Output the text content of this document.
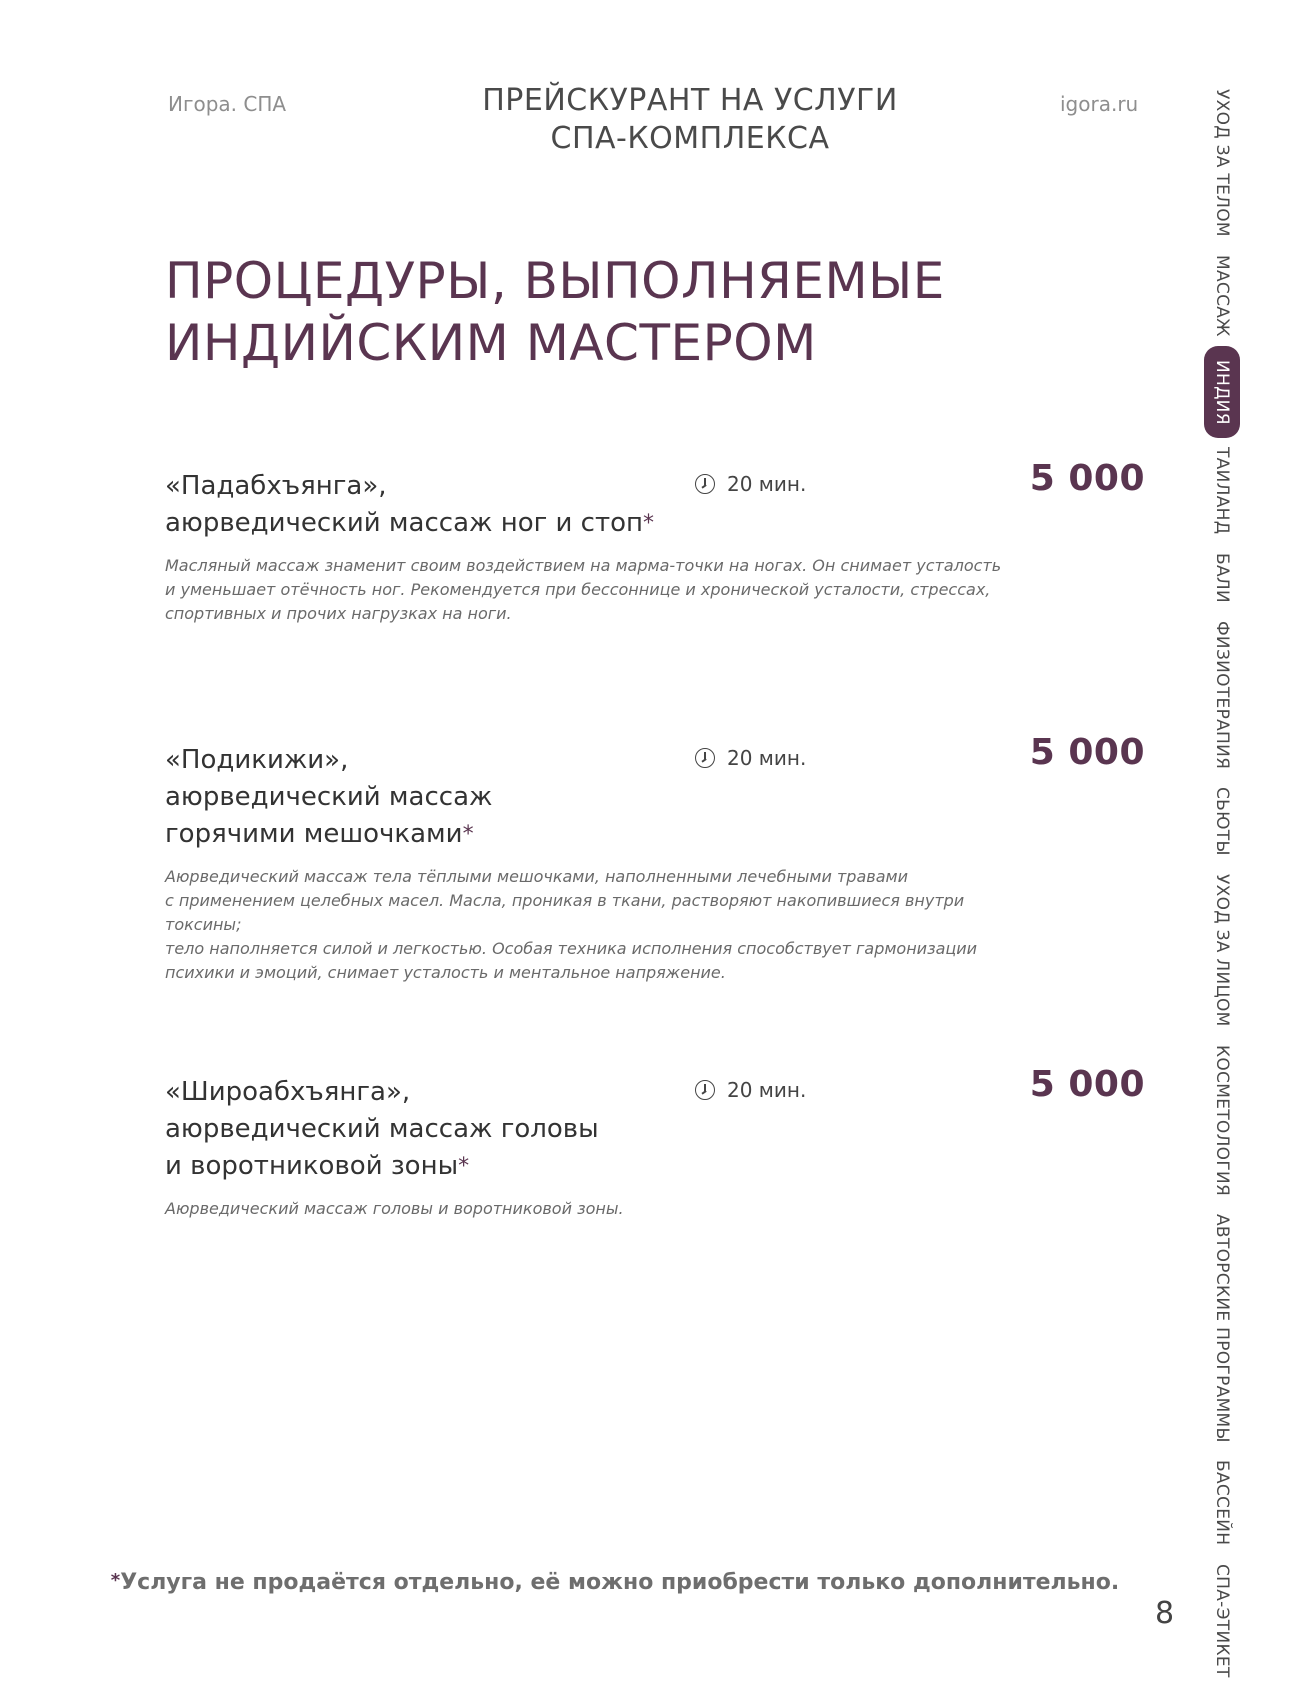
Игора. СПА	ПРЕЙСКУРАНТ НА УСЛУГИ
СПА-КОМПЛЕКСА
igora.ru
ПРОЦЕДУРЫ, ВЫПОЛНЯЕМЫЕ
ИНДИЙСКИМ МАСТЕРОМ
«Падабхъянга»,
аюрведический массаж ног и стоп*
20 мин.	5 000
Масляный массаж знаменит своим воздействием на марма-точки на ногах. Он снимает усталость
и уменьшает отёчность ног. Рекомендуется при бессоннице и хронической усталости, стрессах,
спортивных и прочих нагрузках на ноги.
«Подикижи»,
аюрведический массаж
горячими мешочками*
20 мин.	5 000
Аюрведический массаж тела тёплыми мешочками, наполненными лечебными травами
с применением целебных масел. Масла, проникая в ткани, растворяют накопившиеся внутри токсины;
тело наполняется силой и легкостью. Особая техника исполнения способствует гармонизации
психики и эмоций, снимает усталость и ментальное напряжение.
«Широабхъянга»,
аюрведический массаж головы
и воротниковой зоны*
20 мин.	5 000
Аюрведический массаж головы и воротниковой зоны.
*Услуга не продаётся отдельно, её можно приобрести только дополнительно.
8
УХОД ЗА ТЕЛОМ
МАССАЖ
ИНДИЯ
ТАИЛАНД
БАЛИ
ФИЗИОТЕРАПИЯ
СЬЮТЫ
УХОД ЗА ЛИЦОМ
КОСМЕТОЛОГИЯ
АВТОРСКИЕ ПРОГРАММЫ
БАССЕЙН
СПА-ЭТИКЕТ
